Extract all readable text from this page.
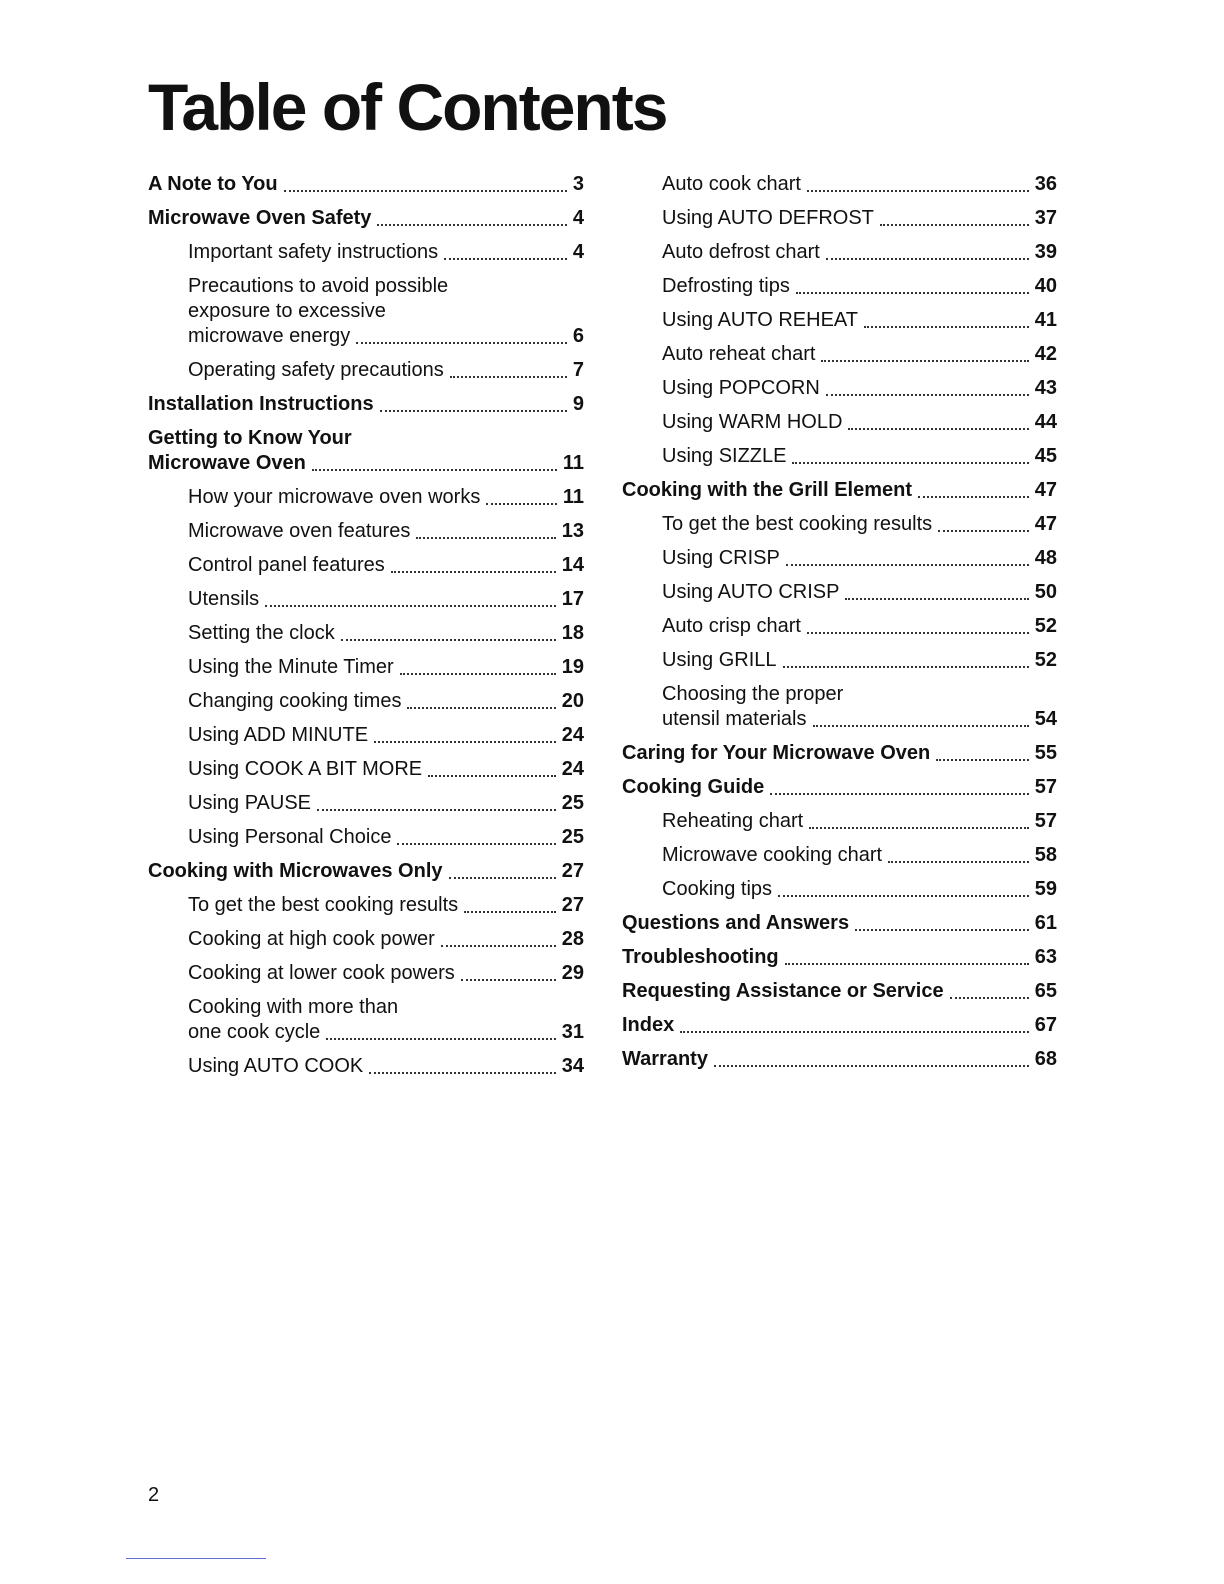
Table of Contents
A Note to You	3
Microwave Oven Safety	4
Important safety instructions	4
Precautions to avoid possible
exposure to excessive
microwave energy	6
Operating safety precautions	7
Installation Instructions	9
Getting to Know Your
Microwave Oven	11
How your microwave oven works	11
Microwave oven features	13
Control panel features	14
Utensils	17
Setting the clock	18
Using the Minute Timer	19
Changing cooking times	20
Using ADD MINUTE	24
Using COOK A BIT MORE	24
Using PAUSE	25
Using Personal Choice	25
Cooking with Microwaves Only	27
To get the best cooking results	27
Cooking at high cook power	28
Cooking at lower cook powers	29
Cooking with more than
one cook cycle	31
Using AUTO COOK	34
Auto cook chart	36
Using AUTO DEFROST	37
Auto defrost chart	39
Defrosting tips	40
Using AUTO REHEAT	41
Auto reheat chart	42
Using POPCORN	43
Using WARM HOLD	44
Using SIZZLE	45
Cooking with the Grill Element	47
To get the best cooking results	47
Using CRISP	48
Using AUTO CRISP	50
Auto crisp chart	52
Using GRILL	52
Choosing the proper
utensil materials	54
Caring for Your Microwave Oven	55
Cooking Guide	57
Reheating chart	57
Microwave cooking chart	58
Cooking tips	59
Questions and Answers	61
Troubleshooting	63
Requesting Assistance or Service	65
Index	67
Warranty	68
2
